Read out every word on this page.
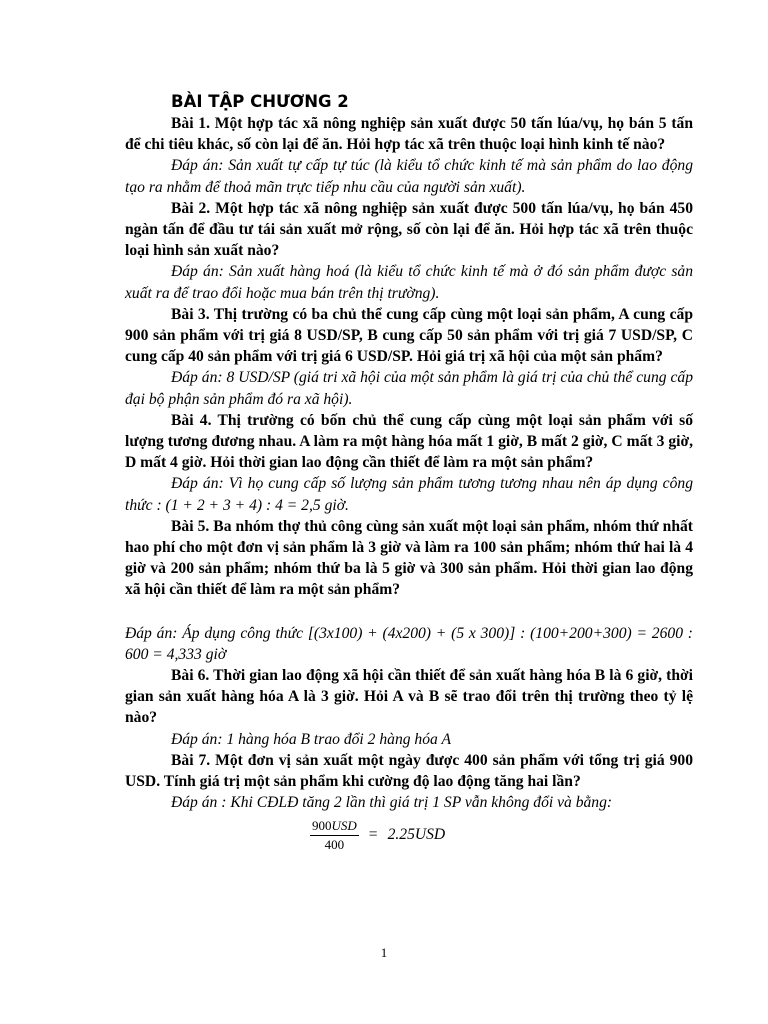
BÀI TẬP CHƯƠNG 2

Bài 1. Một hợp tác xã nông nghiệp sản xuất được 50 tấn lúa/vụ, họ bán 5 tấn để chi tiêu khác, số còn lại để ăn. Hỏi hợp tác xã trên thuộc loại hình kinh tế nào?

Đáp án: Sản xuất tự cấp tự túc (là kiểu tổ chức kinh tế mà sản phẩm do lao động tạo ra nhằm để thoả mãn trực tiếp nhu cầu của người sản xuất).

Bài 2. Một hợp tác xã nông nghiệp sản xuất được 500 tấn lúa/vụ, họ bán 450 ngàn tấn để đầu tư tái sản xuất mở rộng, số còn lại để ăn. Hỏi hợp tác xã trên thuộc loại hình sản xuất nào?

Đáp án: Sản xuất hàng hoá (là kiểu tổ chức kinh tế mà ở đó sản phẩm được sản xuất ra để trao đổi hoặc mua bán trên thị trường).

Bài 3. Thị trường có ba chủ thể cung cấp cùng một loại sản phẩm, A cung cấp 900 sản phẩm với trị giá 8 USD/SP, B cung cấp 50 sản phẩm với trị giá 7 USD/SP, C cung cấp 40 sản phẩm với trị giá 6 USD/SP. Hỏi giá trị xã hội của một sản phẩm?

Đáp án: 8 USD/SP (giá tri xã hội của một sản phẩm là giá trị của chủ thể cung cấp đại bộ phận sản phẩm đó ra xã hội).

Bài 4. Thị trường có bốn chủ thể cung cấp cùng một loại sản phẩm với số lượng tương đương nhau. A làm ra một hàng hóa mất 1 giờ, B mất 2 giờ, C mất 3 giờ, D mất 4 giờ. Hỏi thời gian lao động cần thiết để làm ra một sản phẩm?

Đáp án: Vì họ cung cấp số lượng sản phẩm tương tương nhau nên áp dụng công thức : (1 + 2 + 3 + 4) : 4 = 2,5 giờ.

Bài 5. Ba nhóm thợ thủ công cùng sản xuất một loại sản phẩm, nhóm thứ nhất hao phí cho một đơn vị sản phẩm là 3 giờ và làm ra 100 sản phẩm; nhóm thứ hai là 4 giờ và 200 sản phẩm; nhóm thứ ba là 5 giờ và 300 sản phẩm. Hỏi thời gian lao động xã hội cần thiết để làm ra một sản phẩm?

Đáp án: Áp dụng công thức [(3x100) + (4x200) + (5 x 300)] : (100+200+300) = 2600 : 600 = 4,333 giờ

Bài 6. Thời gian lao động xã hội cần thiết để sản xuất hàng hóa B là 6 giờ, thời gian sản xuất hàng hóa A là 3 giờ. Hỏi A và B sẽ trao đổi trên thị trường theo tỷ lệ nào?

Đáp án: 1 hàng hóa B trao đổi 2 hàng hóa A

Bài 7. Một đơn vị sản xuất một ngày được 400 sản phẩm với tổng trị giá 900 USD. Tính giá trị một sản phẩm khi cường độ lao động tăng hai lần?

Đáp án : Khi CĐLĐ tăng 2 lần thì giá trị 1 SP vẫn không đổi và bằng:

$\frac{\text{900USD}}{400} = 2.25USD$
1
